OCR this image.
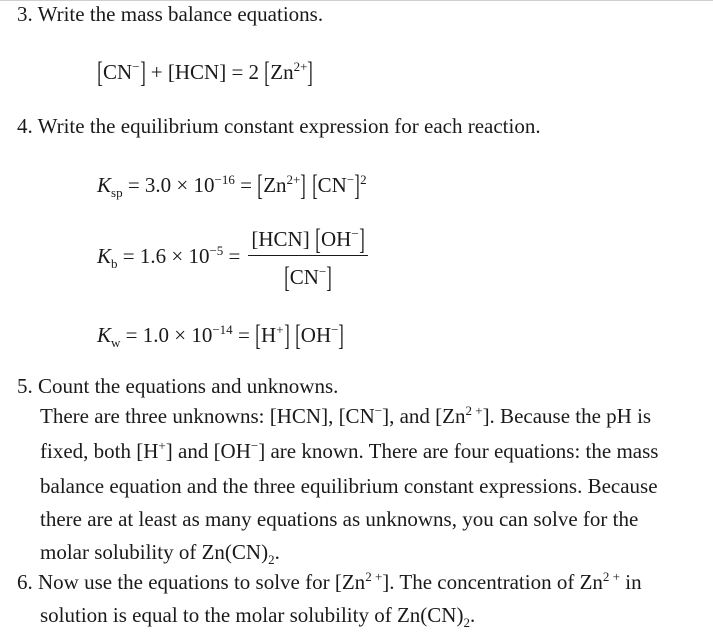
3. Write the mass balance equations.
[CN−] + [HCN] = 2 $[Zn^{2+}]$
4. Write the equilibrium constant expression for each reaction.
$K_{sp} = 3.0 \times 10^{-16} = [Zn^{2+}]$ $[CN^-]^2$
$K_b = 1.6 \times 10^{-5} = \frac{[HCN] [OH^-]}{[CN^-]}$
$K_w = 1.0 \times 10^{-14} = [H^+]$ [OH−]
5. Count the equations and unknowns.
There are three unknowns: [HCN], [CN−], and $[Zn^{2 +}]$. Because the pH is
fixed, both [H+] and [OH−] are known. There are four equations: the mass
balance equation and the three equilibrium constant expressions. Because
there are at least as many equations as unknowns, you can solve for the
molar solubility of $Zn(CN)_2$.
6. Now use the equations to solve for $[Zn^{2 +}]$. The concentration of $Zn^{2 +}$ in
solution is equal to the molar solubility of $Zn(CN)_2$.
